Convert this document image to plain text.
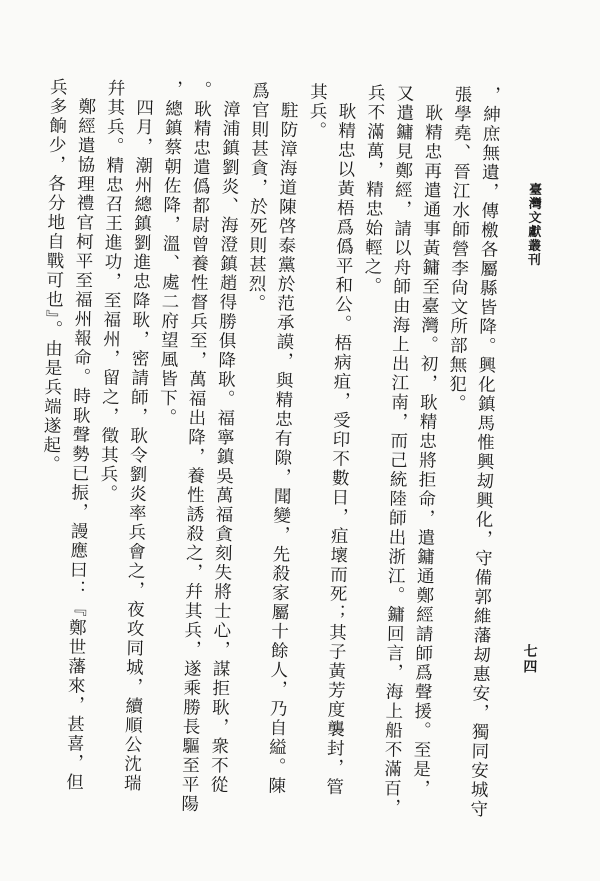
臺灣文獻叢刊
七四
，紳庶無遺，傳檄各屬縣皆降。興化鎮馬惟興刼興化，守備郭維藩刼惠安，獨同安城守
張學堯、晉江水師營李尙文所部無犯。
耿精忠再遣通事黃鏞至臺灣。初，耿精忠將拒命，遣鏞通鄭經請師爲聲援。至是，
又遣鏞見鄭經，請以舟師由海上出江南，而己統陸師出浙江。鏞回言，海上船不滿百，
兵不滿萬，精忠始輕之。
耿精忠以黃梧爲僞平和公。梧病疽，受印不數日，疽壞而死；其子黃芳度襲封，管
其兵。
駐防漳海道陳啓泰黨於范承謨，與精忠有隙，聞變，先殺家屬十餘人，乃自縊。陳
爲官則甚貪，於死則甚烈。
漳浦鎮劉炎、海澄鎮趙得勝俱降耿。福寧鎮吳萬福貪刻失將士心，謀拒耿，衆不從
。耿精忠遣僞都尉曾養性督兵至，萬福出降，養性誘殺之，幷其兵，遂乘勝長驅至平陽
，總鎮蔡朝佐降，溫、處二府望風皆下。
四月，潮州總鎮劉進忠降耿，密請師，耿令劉炎率兵會之，夜攻同城，續順公沈瑞
幷其兵。精忠召王進功，至福州，留之，徵其兵。
鄭經遣協理禮官柯平至福州報命。時耿聲勢已振，謾應曰：『鄭世藩來，甚喜，但
兵多餉少，各分地自戰可也』。由是兵端遂起。
